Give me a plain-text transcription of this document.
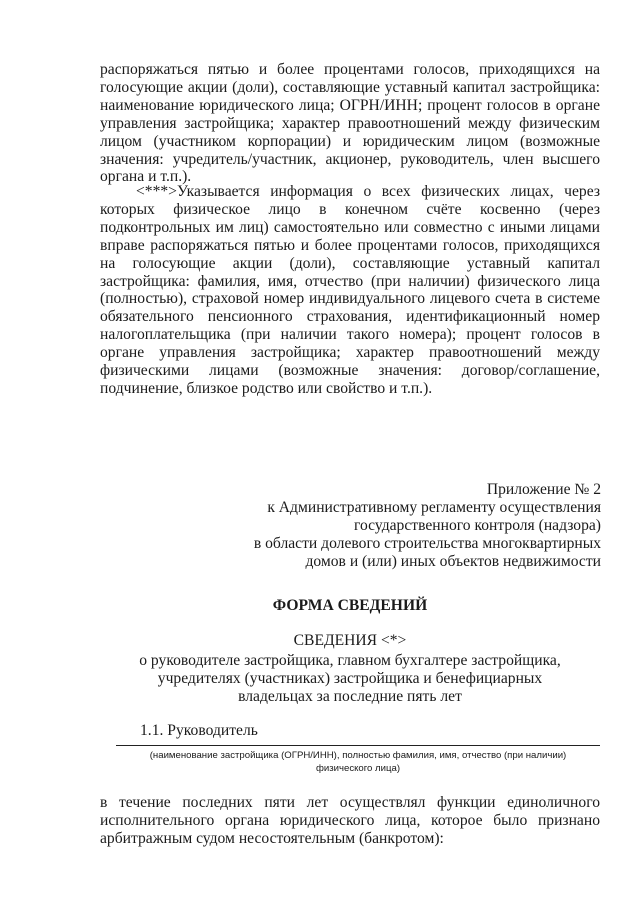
распоряжаться пятью и более процентами голосов, приходящихся на голосующие акции (доли), составляющие уставный капитал застройщика: наименование юридического лица; ОГРН/ИНН; процент голосов в органе управления застройщика; характер правоотношений между физическим лицом (участником корпорации) и юридическим лицом (возможные значения: учредитель/участник, акционер, руководитель, член высшего органа и т.п.).

<***>Указывается информация о всех физических лицах, через которых физическое лицо в конечном счёте косвенно (через подконтрольных им лиц) самостоятельно или совместно с иными лицами вправе распоряжаться пятью и более процентами голосов, приходящихся на голосующие акции (доли), составляющие уставный капитал застройщика: фамилия, имя, отчество (при наличии) физического лица (полностью), страховой номер индивидуального лицевого счета в системе обязательного пенсионного страхования, идентификационный номер налогоплательщика (при наличии такого номера); процент голосов в органе управления застройщика; характер правоотношений между физическими лицами (возможные значения: договор/соглашение, подчинение, близкое родство или свойство и т.п.).

Приложение № 2
к Административному регламенту осуществления
государственного контроля (надзора)
в области долевого строительства многоквартирных
домов и (или) иных объектов недвижимости
ФОРМА СВЕДЕНИЙ
СВЕДЕНИЯ <*>
о руководителе застройщика, главном бухгалтере застройщика,
учредителях (участниках) застройщика и бенефициарных
владельцах за последние пять лет
1.1. Руководитель
(наименование застройщика (ОГРН/ИНН), полностью фамилия, имя, отчество (при наличии)
физического лица)

в течение последних пяти лет осуществлял функции единоличного исполнительного органа юридического лица, которое было признано арбитражным судом несостоятельным (банкротом):
